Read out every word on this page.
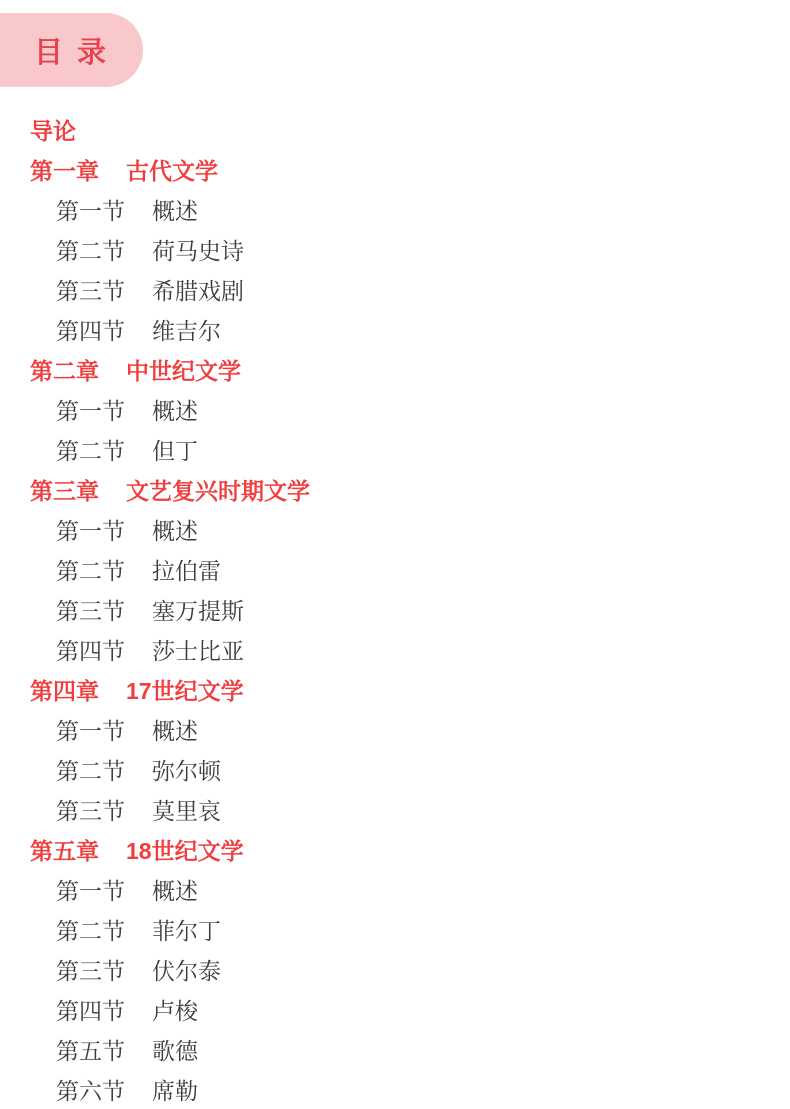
目 录
导论
第一章 古代文学
第一节 概述
第二节 荷马史诗
第三节 希腊戏剧
第四节 维吉尔
第二章 中世纪文学
第一节 概述
第二节 但丁
第三章 文艺复兴时期文学
第一节 概述
第二节 拉伯雷
第三节 塞万提斯
第四节 莎士比亚
第四章 17世纪文学
第一节 概述
第二节 弥尔顿
第三节 莫里哀
第五章 18世纪文学
第一节 概述
第二节 菲尔丁
第三节 伏尔泰
第四节 卢梭
第五节 歌德
第六节 席勒
